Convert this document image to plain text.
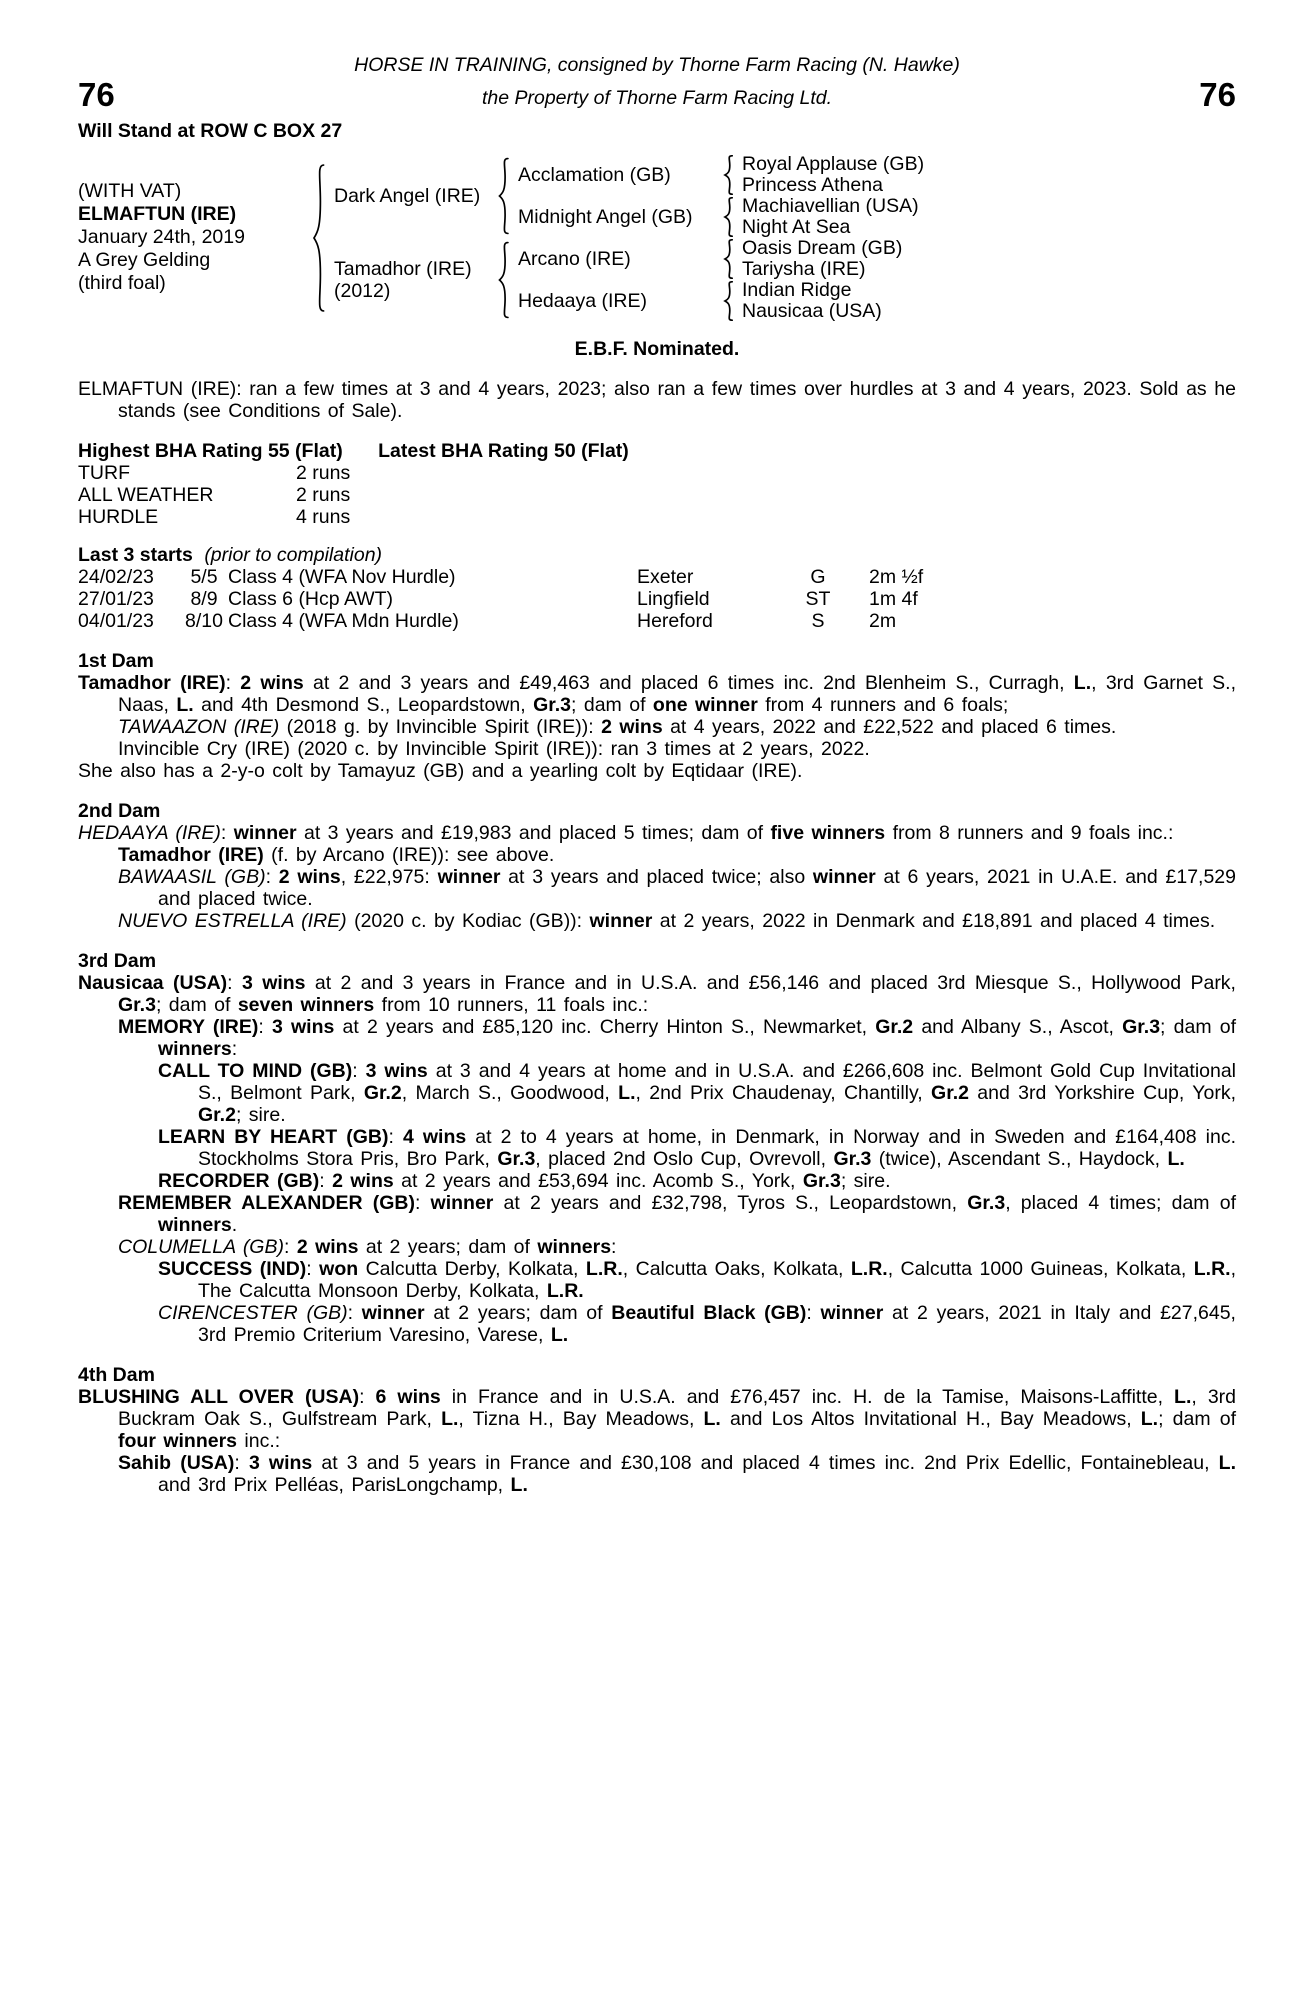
HORSE IN TRAINING, consigned by Thorne Farm Racing (N. Hawke)
76	the Property of Thorne Farm Racing Ltd.	76
Will Stand at ROW C BOX 27
(WITH VAT)
ELMAFTUN (IRE)
January 24th, 2019
A Grey Gelding
(third foal)
Dark Angel (IRE)
Acclamation (GB)	Royal Applause (GB)
Princess Athena
Midnight Angel (GB)	Machiavellian (USA)
Night At Sea
Tamadhor (IRE)
(2012)
Arcano (IRE)	Oasis Dream (GB)
Tariysha (IRE)
Hedaaya (IRE)	Indian Ridge
Nausicaa (USA)
E.B.F. Nominated.

ELMAFTUN (IRE): ran a few times at 3 and 4 years, 2023; also ran a few times over hurdles at 3 and 4 years, 2023. Sold as he stands (see Conditions of Sale).

Highest BHA Rating 55 (Flat) Latest BHA Rating 50 (Flat)
TURF	2 runs
ALL WEATHER	2 runs
HURDLE	4 runs
Last 3 starts (prior to compilation)
24/02/23	5/5 Class 4 (WFA Nov Hurdle)	Exeter	G	2m ½f
27/01/23	8/9 Class 6 (Hcp AWT)	Lingfield	ST	1m 4f
04/01/23	8/10 Class 4 (WFA Mdn Hurdle)	Hereford	S	2m
1st Dam

Tamadhor (IRE): 2 wins at 2 and 3 years and £49,463 and placed 6 times inc. 2nd Blenheim S., Curragh, L., 3rd Garnet S., Naas, L. and 4th Desmond S., Leopardstown, Gr.3; dam of one winner from 4 runners and 6 foals;

TAWAAZON (IRE) (2018 g. by Invincible Spirit (IRE)): 2 wins at 4 years, 2022 and £22,522 and placed 6 times.

Invincible Cry (IRE) (2020 c. by Invincible Spirit (IRE)): ran 3 times at 2 years, 2022.

She also has a 2-y-o colt by Tamayuz (GB) and a yearling colt by Eqtidaar (IRE).

2nd Dam

HEDAAYA (IRE): winner at 3 years and £19,983 and placed 5 times; dam of five winners from 8 runners and 9 foals inc.:

Tamadhor (IRE) (f. by Arcano (IRE)): see above.

BAWAASIL (GB): 2 wins, £22,975: winner at 3 years and placed twice; also winner at 6 years, 2021 in U.A.E. and £17,529 and placed twice.

NUEVO ESTRELLA (IRE) (2020 c. by Kodiac (GB)): winner at 2 years, 2022 in Denmark and £18,891 and placed 4 times.

3rd Dam

Nausicaa (USA): 3 wins at 2 and 3 years in France and in U.S.A. and £56,146 and placed 3rd Miesque S., Hollywood Park, Gr.3; dam of seven winners from 10 runners, 11 foals inc.:

MEMORY (IRE): 3 wins at 2 years and £85,120 inc. Cherry Hinton S., Newmarket, Gr.2 and Albany S., Ascot, Gr.3; dam of winners:

CALL TO MIND (GB): 3 wins at 3 and 4 years at home and in U.S.A. and £266,608 inc. Belmont Gold Cup Invitational S., Belmont Park, Gr.2, March S., Goodwood, L., 2nd Prix Chaudenay, Chantilly, Gr.2 and 3rd Yorkshire Cup, York, Gr.2; sire.

LEARN BY HEART (GB): 4 wins at 2 to 4 years at home, in Denmark, in Norway and in Sweden and £164,408 inc. Stockholms Stora Pris, Bro Park, Gr.3, placed 2nd Oslo Cup, Ovrevoll, Gr.3 (twice), Ascendant S., Haydock, L.

RECORDER (GB): 2 wins at 2 years and £53,694 inc. Acomb S., York, Gr.3; sire.

REMEMBER ALEXANDER (GB): winner at 2 years and £32,798, Tyros S., Leopardstown, Gr.3, placed 4 times; dam of winners.

COLUMELLA (GB): 2 wins at 2 years; dam of winners:

SUCCESS (IND): won Calcutta Derby, Kolkata, L.R., Calcutta Oaks, Kolkata, L.R., Calcutta 1000 Guineas, Kolkata, L.R., The Calcutta Monsoon Derby, Kolkata, L.R.

CIRENCESTER (GB): winner at 2 years; dam of Beautiful Black (GB): winner at 2 years, 2021 in Italy and £27,645, 3rd Premio Criterium Varesino, Varese, L.

4th Dam

BLUSHING ALL OVER (USA): 6 wins in France and in U.S.A. and £76,457 inc. H. de la Tamise, Maisons-Laffitte, L., 3rd Buckram Oak S., Gulfstream Park, L., Tizna H., Bay Meadows, L. and Los Altos Invitational H., Bay Meadows, L.; dam of four winners inc.:

Sahib (USA): 3 wins at 3 and 5 years in France and £30,108 and placed 4 times inc. 2nd Prix Edellic, Fontainebleau, L. and 3rd Prix Pelléas, ParisLongchamp, L.
